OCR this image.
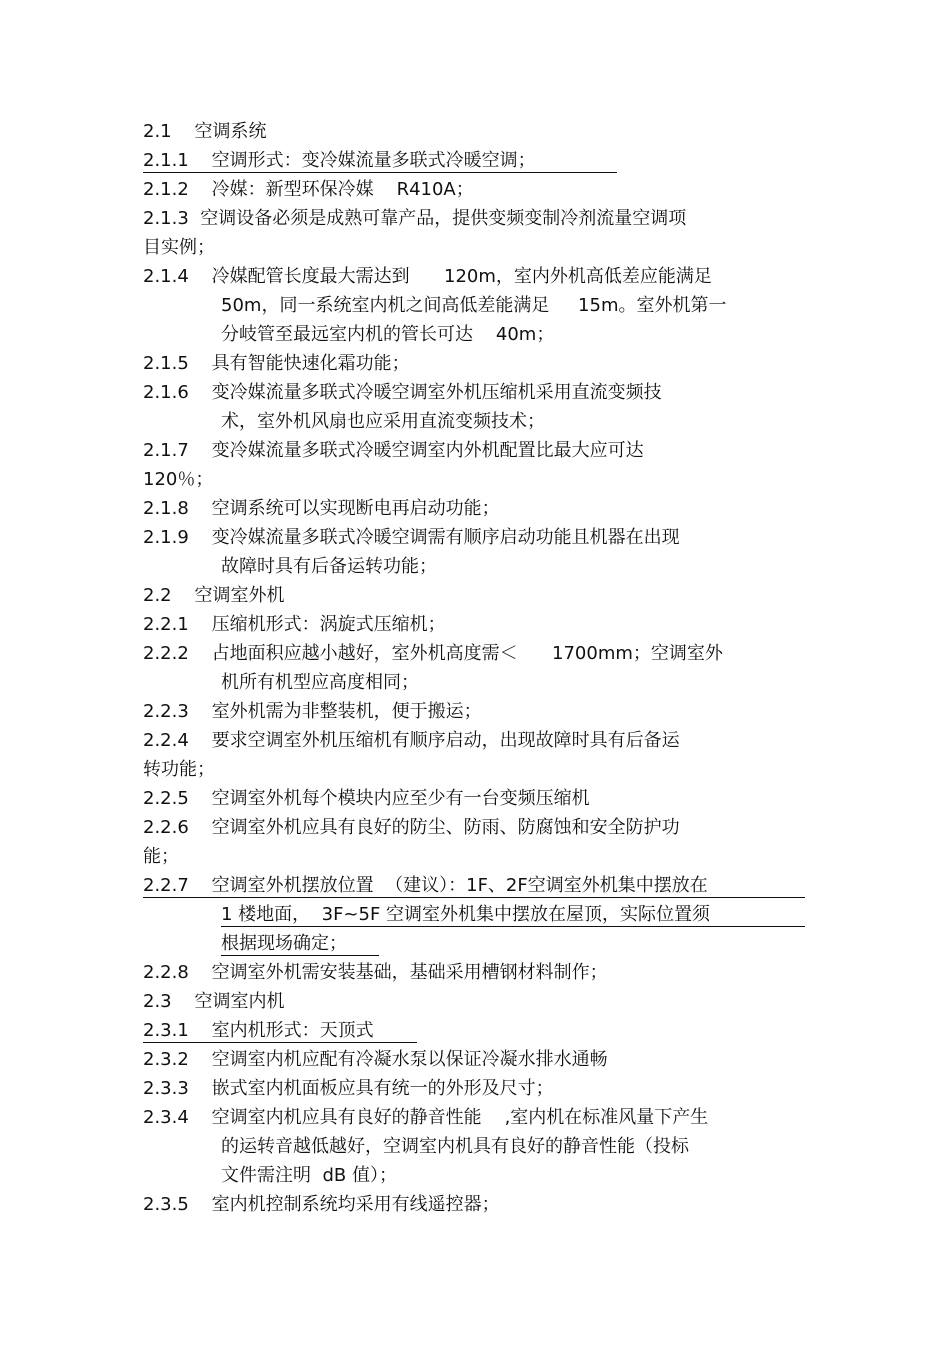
2.1    空调系统
2.1.1    空调形式：变冷媒流量多联式冷暖空调；
2.1.2    冷媒：新型环保冷媒    R410A；
2.1.3  空调设备必须是成熟可靠产品，提供变频变制冷剂流量空调项
目实例；
2.1.4    冷媒配管长度最大需达到      120m，室内外机高低差应能满足
50m，同一系统室内机之间高低差能满足     15m。室外机第一
分岐管至最远室内机的管长可达    40m；
2.1.5    具有智能快速化霜功能；
2.1.6    变冷媒流量多联式冷暖空调室外机压缩机采用直流变频技
术，室外机风扇也应采用直流变频技术；
2.1.7    变冷媒流量多联式冷暖空调室内外机配置比最大应可达
120％；
2.1.8    空调系统可以实现断电再启动功能；
2.1.9    变冷媒流量多联式冷暖空调需有顺序启动功能且机器在出现
故障时具有后备运转功能；
2.2    空调室外机
2.2.1    压缩机形式：涡旋式压缩机；
2.2.2    占地面积应越小越好，室外机高度需＜      1700mm；空调室外
机所有机型应高度相同；
2.2.3    室外机需为非整装机，便于搬运；
2.2.4    要求空调室外机压缩机有顺序启动，出现故障时具有后备运
转功能；
2.2.5    空调室外机每个模块内应至少有一台变频压缩机
2.2.6    空调室外机应具有良好的防尘、防雨、防腐蚀和安全防护功
能；
2.2.7    空调室外机摆放位置  （建议）：1F、2F空调室外机集中摆放在
1 楼地面，  3F~5F 空调室外机集中摆放在屋顶，实际位置须
根据现场确定；
2.2.8    空调室外机需安装基础，基础采用槽钢材料制作；
2.3    空调室内机
2.3.1    室内机形式：天顶式
2.3.2    空调室内机应配有冷凝水泵以保证冷凝水排水通畅
2.3.3    嵌式室内机面板应具有统一的外形及尺寸；
2.3.4    空调室内机应具有良好的静音性能    ,室内机在标准风量下产生
的运转音越低越好，空调室内机具有良好的静音性能（投标
文件需注明  dB 值）；
2.3.5    室内机控制系统均采用有线遥控器；
